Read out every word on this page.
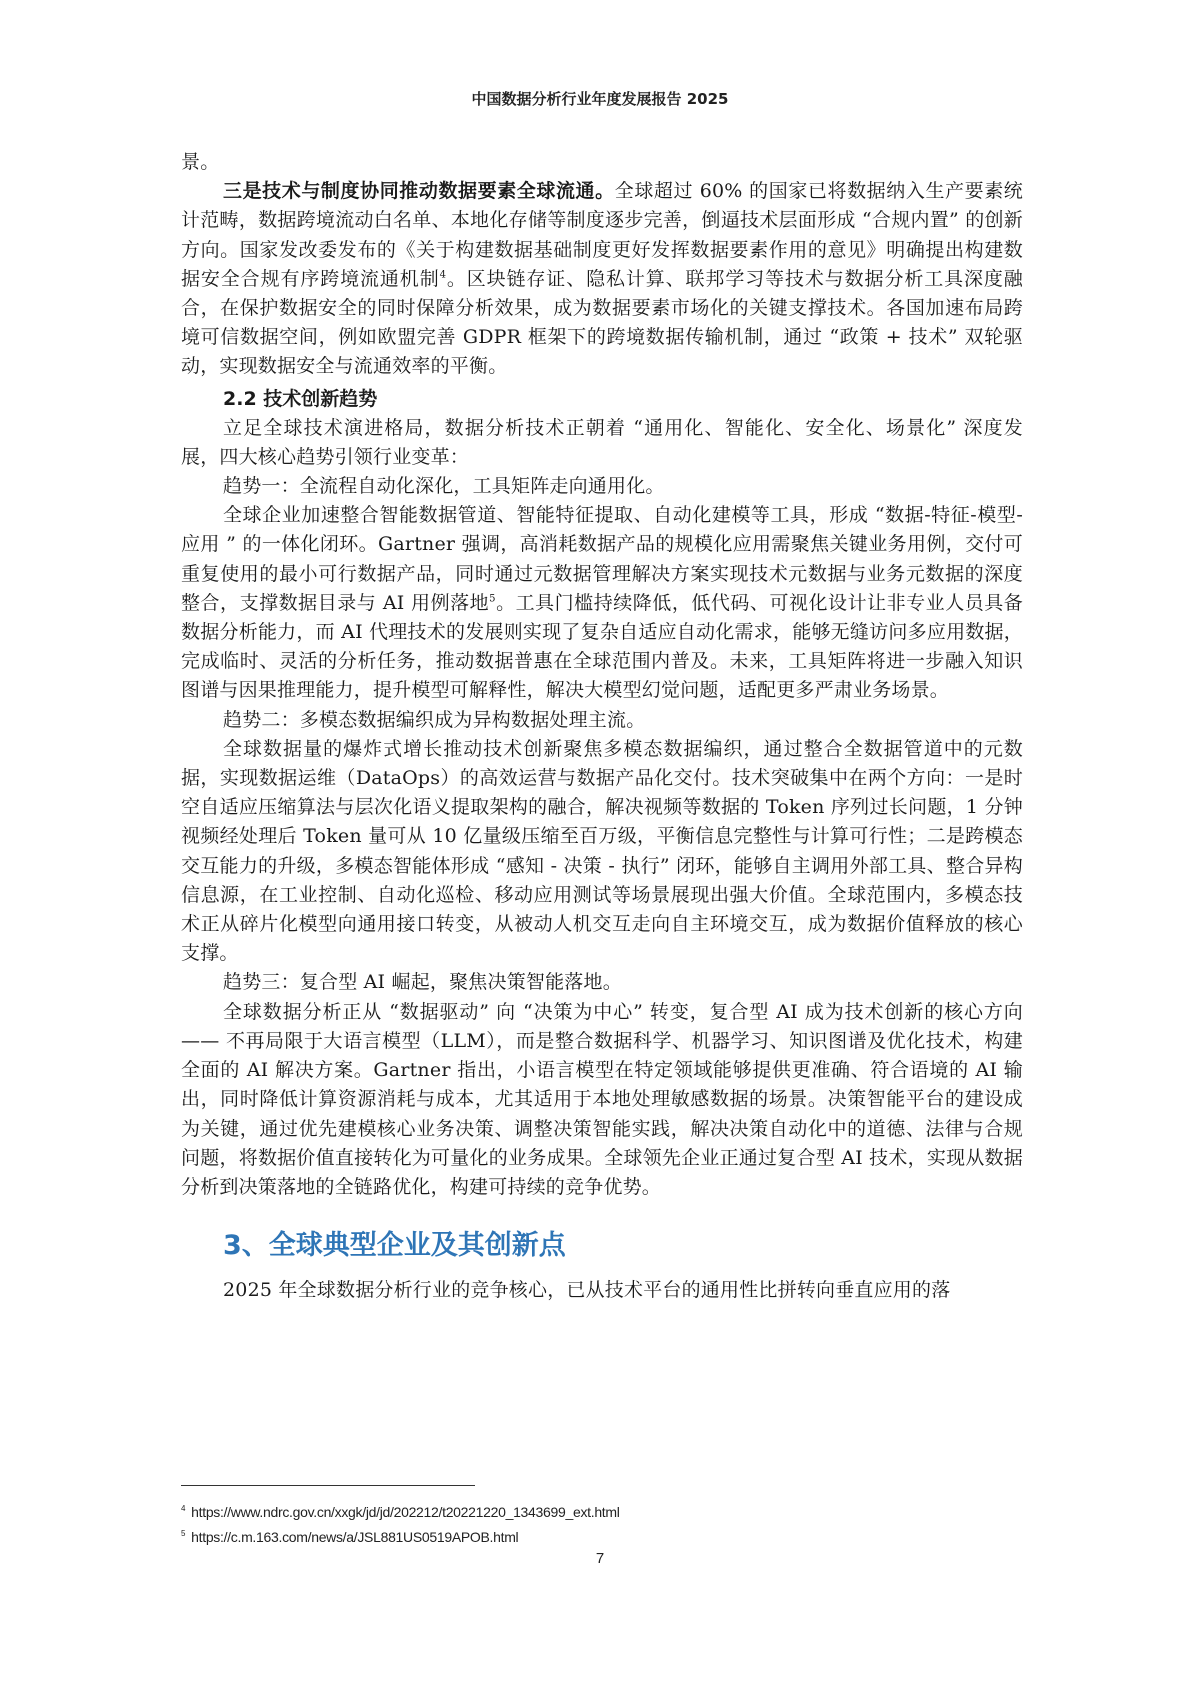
中国数据分析行业年度发展报告 2025

景。

三是技术与制度协同推动数据要素全球流通。全球超过 60% 的国家已将数据纳入生产要素统计范畴，数据跨境流动白名单、本地化存储等制度逐步完善，倒逼技术层面形成 “合规内置” 的创新方向。国家发改委发布的《关于构建数据基础制度更好发挥数据要素作用的意见》明确提出构建数据安全合规有序跨境流通机制$^4$。区块链存证、隐私计算、联邦学习等技术与数据分析工具深度融合，在保护数据安全的同时保障分析效果，成为数据要素市场化的关键支撑技术。各国加速布局跨境可信数据空间，例如欧盟完善 GDPR 框架下的跨境数据传输机制，通过 “政策 + 技术” 双轮驱动，实现数据安全与流通效率的平衡。

2.2 技术创新趋势

立足全球技术演进格局，数据分析技术正朝着 “通用化、智能化、安全化、场景化” 深度发展，四大核心趋势引领行业变革：

趋势一：全流程自动化深化，工具矩阵走向通用化。

全球企业加速整合智能数据管道、智能特征提取、自动化建模等工具，形成 “数据-特征-模型-应用 ” 的一体化闭环。Gartner 强调，高消耗数据产品的规模化应用需聚焦关键业务用例，交付可重复使用的最小可行数据产品，同时通过元数据管理解决方案实现技术元数据与业务元数据的深度整合，支撑数据目录与 AI 用例落地$^5$。工具门槛持续降低，低代码、可视化设计让非专业人员具备数据分析能力，而 AI 代理技术的发展则实现了复杂自适应自动化需求，能够无缝访问多应用数据，完成临时、灵活的分析任务，推动数据普惠在全球范围内普及。未来，工具矩阵将进一步融入知识图谱与因果推理能力，提升模型可解释性，解决大模型幻觉问题，适配更多严肃业务场景。

趋势二：多模态数据编织成为异构数据处理主流。

全球数据量的爆炸式增长推动技术创新聚焦多模态数据编织，通过整合全数据管道中的元数据，实现数据运维（DataOps）的高效运营与数据产品化交付。技术突破集中在两个方向：一是时空自适应压缩算法与层次化语义提取架构的融合，解决视频等数据的 Token 序列过长问题，1 分钟视频经处理后 Token 量可从 10 亿量级压缩至百万级，平衡信息完整性与计算可行性；二是跨模态交互能力的升级，多模态智能体形成 “感知 - 决策 - 执行” 闭环，能够自主调用外部工具、整合异构信息源，在工业控制、自动化巡检、移动应用测试等场景展现出强大价值。全球范围内，多模态技术正从碎片化模型向通用接口转变，从被动人机交互走向自主环境交互，成为数据价值释放的核心支撑。

趋势三：复合型 AI 崛起，聚焦决策智能落地。

全球数据分析正从 “数据驱动” 向 “决策为中心” 转变，复合型 AI 成为技术创新的核心方向 —— 不再局限于大语言模型（LLM），而是整合数据科学、机器学习、知识图谱及优化技术，构建全面的 AI 解决方案。Gartner 指出，小语言模型在特定领域能够提供更准确、符合语境的 AI 输出，同时降低计算资源消耗与成本，尤其适用于本地处理敏感数据的场景。决策智能平台的建设成为关键，通过优先建模核心业务决策、调整决策智能实践，解决决策自动化中的道德、法律与合规问题，将数据价值直接转化为可量化的业务成果。全球领先企业正通过复合型 AI 技术，实现从数据分析到决策落地的全链路优化，构建可持续的竞争优势。

3、全球典型企业及其创新点

2025 年全球数据分析行业的竞争核心，已从技术平台的通用性比拼转向垂直应用的落

$^4$ https://www.ndrc.gov.cn/xxgk/jd/jd/202212/t20221220_1343699_ext.html
$^5$ https://c.m.163.com/news/a/JSL881US0519APOB.html
7
